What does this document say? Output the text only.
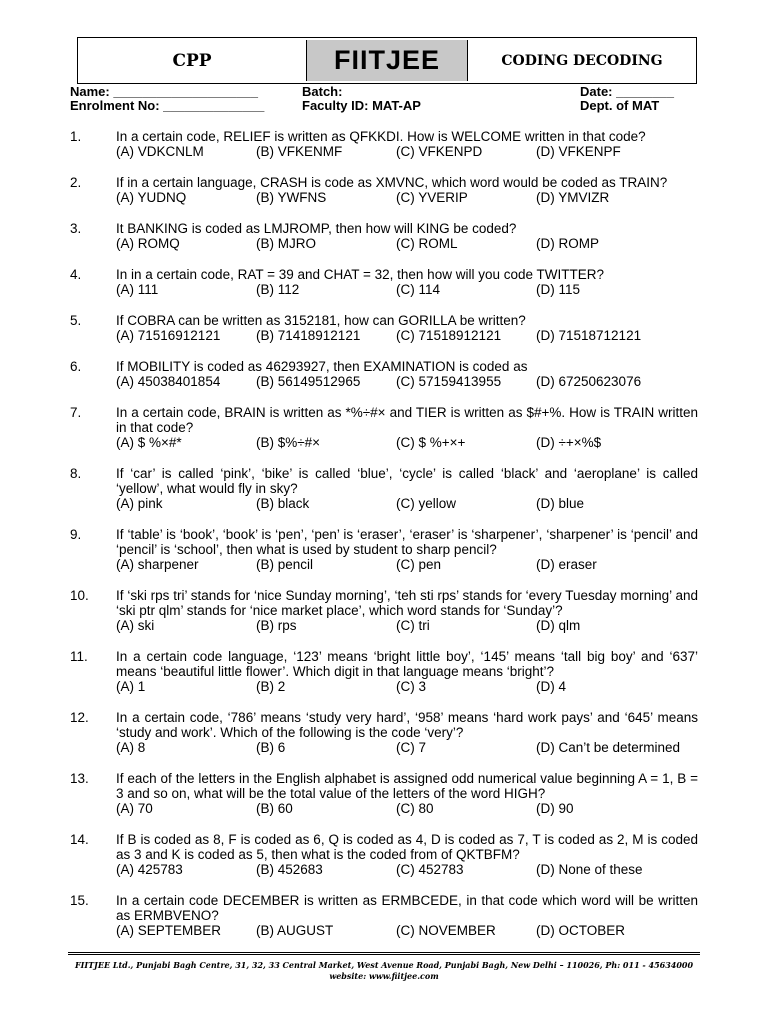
CPP	FIITJEE	CODING DECODING
Name: ____________________	Batch:	Date: ________
Enrolment No: ______________	Faculty ID: MAT-AP	Dept. of MAT
1.	In a certain code, RELIEF is written as QFKKDI. How is WELCOME written in that code?
(A) VDKCNLM	(B) VFKENMF	(C) VFKENPD	(D) VFKENPF
2.	If in a certain language, CRASH is code as XMVNC, which word would be coded as TRAIN?
(A) YUDNQ	(B) YWFNS	(C) YVERIP	(D) YMVIZR
3.	It BANKING is coded as LMJROMP, then how will KING be coded?
(A) ROMQ	(B) MJRO	(C) ROML	(D) ROMP
4.	In in a certain code, RAT = 39 and CHAT = 32, then how will you code TWITTER?
(A) 111	(B) 112	(C) 114	(D) 115
5.	If COBRA can be written as 3152181, how can GORILLA be written?
(A) 71516912121	(B) 71418912121	(C) 71518912121	(D) 71518712121
6.	If MOBILITY is coded as 46293927, then EXAMINATION is coded as
(A) 45038401854	(B) 56149512965	(C) 57159413955	(D) 67250623076
7.	In a certain code, BRAIN is written as *%÷#× and TIER is written as $#+%. How is TRAIN written in that code?
(A) $ %×#*	(B) $%÷#×	(C) $ %+×+	(D) ÷+×%$
8.	If ‘car’ is called ‘pink’, ‘bike’ is called ‘blue’, ‘cycle’ is called ‘black’ and ‘aeroplane’ is called ‘yellow’, what would fly in sky?
(A) pink	(B) black	(C) yellow	(D) blue
9.	If ‘table’ is ‘book’, ‘book’ is ‘pen’, ‘pen’ is ‘eraser’, ‘eraser’ is ‘sharpener’, ‘sharpener’ is ‘pencil’ and ‘pencil’ is ‘school’, then what is used by student to sharp pencil?
(A) sharpener	(B) pencil	(C) pen	(D) eraser
10.	If ‘ski rps tri’ stands for ‘nice Sunday morning’, ‘teh sti rps’ stands for ‘every Tuesday morning’ and ‘ski ptr qlm’ stands for ‘nice market place’, which word stands for ‘Sunday’?
(A) ski	(B) rps	(C) tri	(D) qlm
11.	In a certain code language, ‘123’ means ‘bright little boy’, ‘145’ means ‘tall big boy’ and ‘637’ means ‘beautiful little flower’. Which digit in that language means ‘bright’?
(A) 1	(B) 2	(C) 3	(D) 4
12.	In a certain code, ‘786’ means ‘study very hard’, ‘958’ means ‘hard work pays’ and ‘645’ means ‘study and work’. Which of the following is the code ‘very’?
(A) 8	(B) 6	(C) 7	(D) Can’t be determined
13.	If each of the letters in the English alphabet is assigned odd numerical value beginning A = 1, B = 3 and so on, what will be the total value of the letters of the word HIGH?
(A) 70	(B) 60	(C) 80	(D) 90
14.	If B is coded as 8, F is coded as 6, Q is coded as 4, D is coded as 7, T is coded as 2, M is coded as 3 and K is coded as 5, then what is the coded from of QKTBFM?
(A) 425783	(B) 452683	(C) 452783	(D) None of these
15.	In a certain code DECEMBER is written as ERMBCEDE, in that code which word will be written as ERMBVENO?
(A) SEPTEMBER	(B) AUGUST	(C) NOVEMBER	(D) OCTOBER
FIITJEE Ltd., Punjabi Bagh Centre, 31, 32, 33 Central Market, West Avenue Road, Punjabi Bagh, New Delhi – 110026, Ph: 011 - 45634000
website: www.fiitjee.com
